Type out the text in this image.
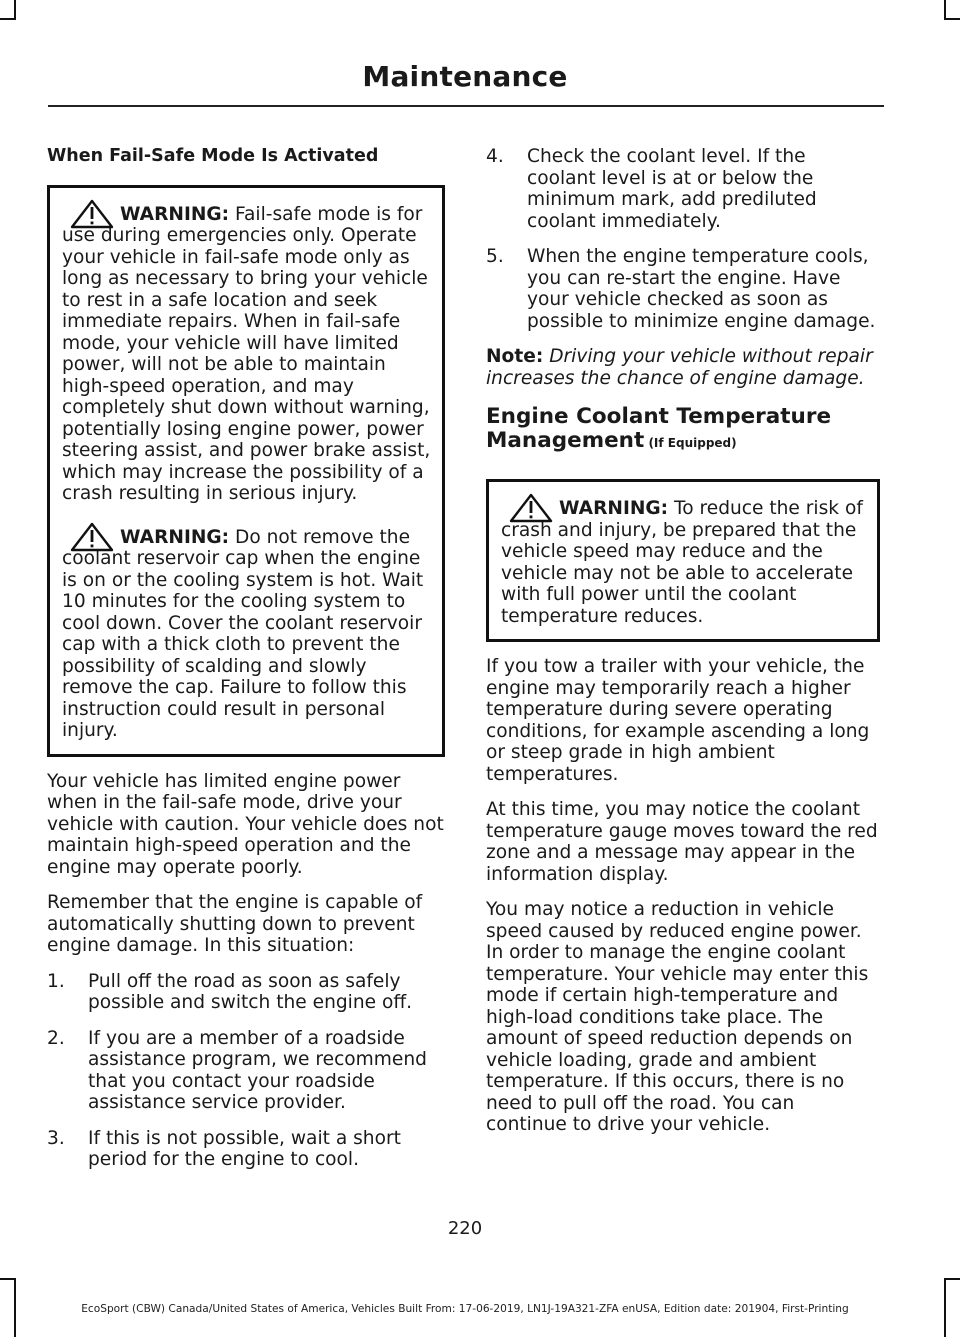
Maintenance
When Fail-Safe Mode Is Activated
WARNING: Fail-safe mode is for use during emergencies only. Operate your vehicle in fail-safe mode only as long as necessary to bring your vehicle to rest in a safe location and seek immediate repairs. When in fail-safe mode, your vehicle will have limited power, will not be able to maintain high-speed operation, and may completely shut down without warning, potentially losing engine power, power steering assist, and power brake assist, which may increase the possibility of a crash resulting in serious injury.
WARNING: Do not remove the coolant reservoir cap when the engine is on or the cooling system is hot. Wait 10 minutes for the cooling system to cool down. Cover the coolant reservoir cap with a thick cloth to prevent the possibility of scalding and slowly remove the cap. Failure to follow this instruction could result in personal injury.

Your vehicle has limited engine power when in the fail-safe mode, drive your vehicle with caution. Your vehicle does not maintain high-speed operation and the engine may operate poorly.

Remember that the engine is capable of automatically shutting down to prevent engine damage. In this situation:

1. Pull off the road as soon as safely possible and switch the engine off.
2. If you are a member of a roadside assistance program, we recommend that you contact your roadside assistance service provider.
3. If this is not possible, wait a short period for the engine to cool.
4. Check the coolant level. If the coolant level is at or below the minimum mark, add prediluted coolant immediately.
5. When the engine temperature cools, you can re-start the engine. Have your vehicle checked as soon as possible to minimize engine damage.

Note: Driving your vehicle without repair increases the chance of engine damage.

Engine Coolant Temperature Management (If Equipped)
WARNING: To reduce the risk of crash and injury, be prepared that the vehicle speed may reduce and the vehicle may not be able to accelerate with full power until the coolant temperature reduces.

If you tow a trailer with your vehicle, the engine may temporarily reach a higher temperature during severe operating conditions, for example ascending a long or steep grade in high ambient temperatures.

At this time, you may notice the coolant temperature gauge moves toward the red zone and a message may appear in the information display.

You may notice a reduction in vehicle speed caused by reduced engine power. In order to manage the engine coolant temperature. Your vehicle may enter this mode if certain high-temperature and high-load conditions take place. The amount of speed reduction depends on vehicle loading, grade and ambient temperature. If this occurs, there is no need to pull off the road. You can continue to drive your vehicle.

220
EcoSport (CBW) Canada/United States of America, Vehicles Built From: 17-06-2019, LN1J-19A321-ZFA enUSA, Edition date: 201904, First-Printing
